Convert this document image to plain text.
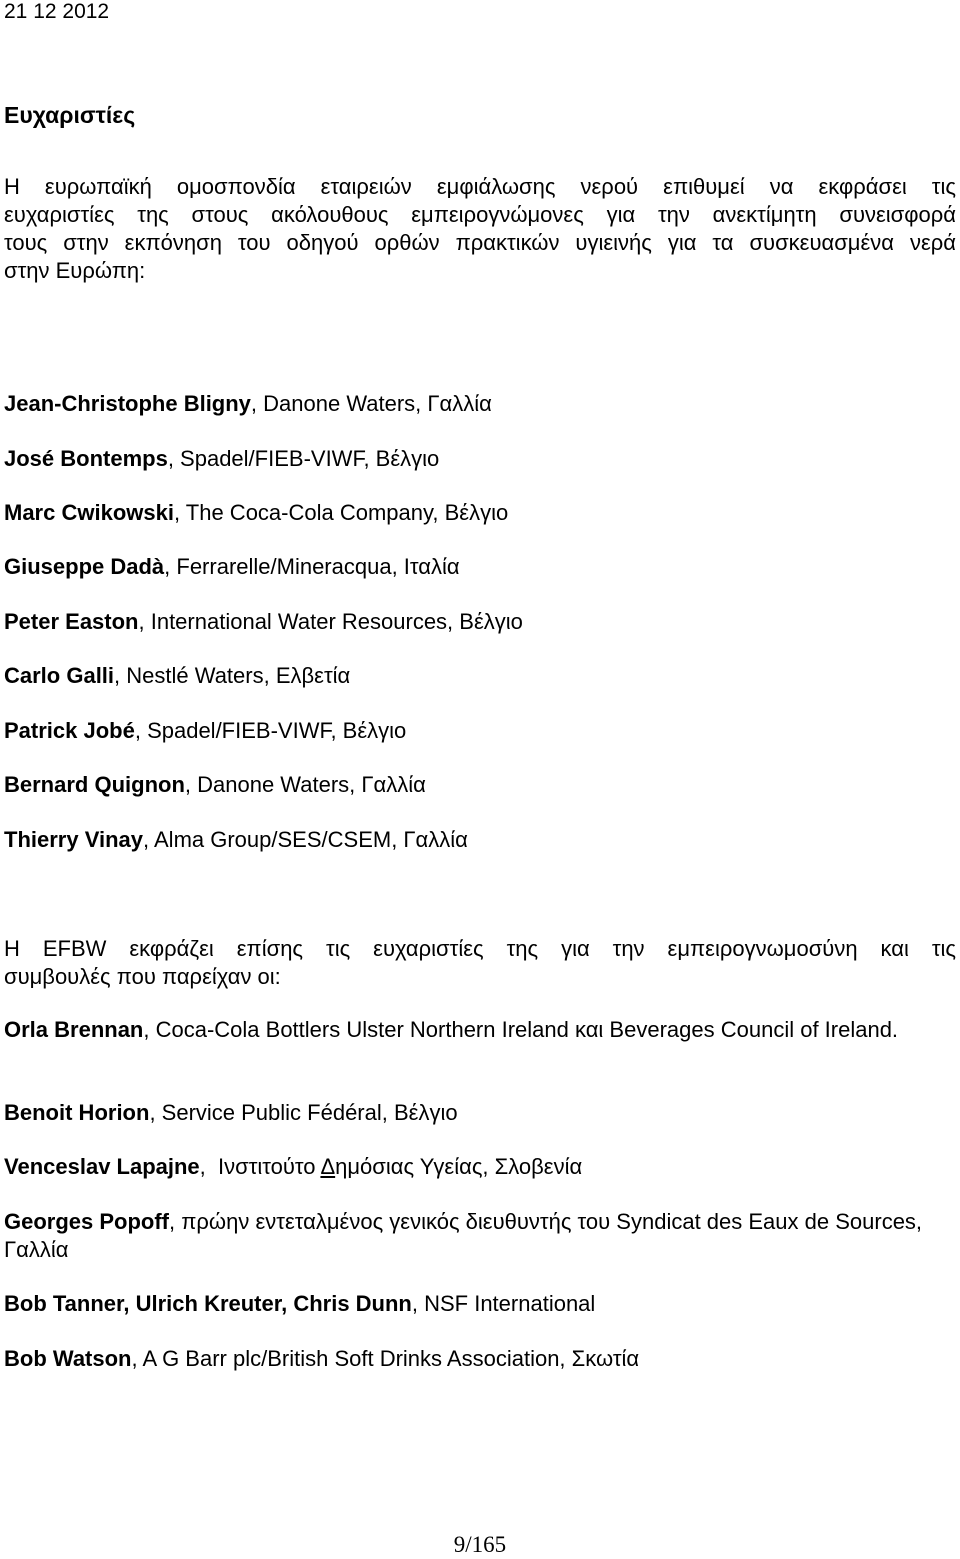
21 12 2012
Ευχαριστίες
Η ευρωπαϊκή ομοσπονδία εταιρειών εμφιάλωσης νερού επιθυμεί να εκφράσει τις
ευχαριστίες της στους ακόλουθους εμπειρογνώμονες για την ανεκτίμητη συνεισφορά
τους στην εκπόνηση του οδηγού ορθών πρακτικών υγιεινής για τα συσκευασμένα νερά
στην Ευρώπη:
Jean-Christophe Bligny, Danone Waters, Γαλλία
José Bontemps, Spadel/FIEB-VIWF, Βέλγιο
Marc Cwikowski, The Coca-Cola Company, Βέλγιο
Giuseppe Dadà, Ferrarelle/Mineracqua, Ιταλία
Peter Easton, International Water Resources, Βέλγιο
Carlo Galli, Nestlé Waters, Ελβετία
Patrick Jobé, Spadel/FIEB-VIWF, Βέλγιο
Bernard Quignon, Danone Waters, Γαλλία
Thierry Vinay, Alma Group/SES/CSEM, Γαλλία
Η EFBW εκφράζει επίσης τις ευχαριστίες της για την εμπειρογνωμοσύνη και τις
συμβουλές που παρείχαν οι:
Orla Brennan, Coca-Cola Bottlers Ulster Northern Ireland και Beverages Council of Ireland.
Benoit Horion, Service Public Fédéral, Βέλγιο
Venceslav Lapajne,  Ινστιτούτο Δημόσιας Υγείας, Σλοβενία
Georges Popoff, πρώην εντεταλμένος γενικός διευθυντής του Syndicat des Eaux de Sources, Γαλλία
Bob Tanner, Ulrich Kreuter, Chris Dunn, NSF International
Bob Watson, A G Barr plc/British Soft Drinks Association, Σκωτία
9/165
